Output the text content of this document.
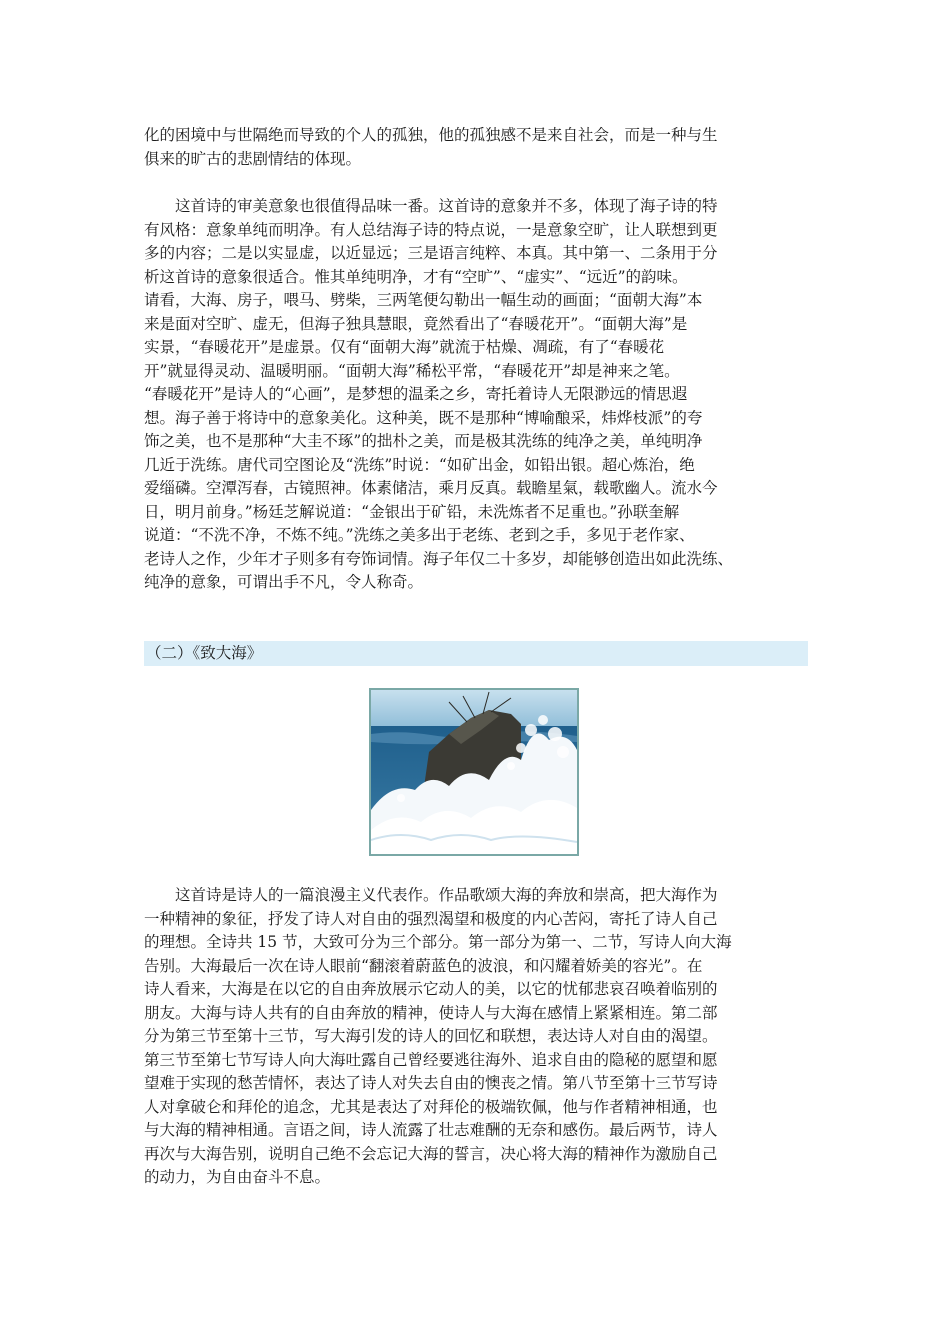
化的困境中与世隔绝而导致的个人的孤独，他的孤独感不是来自社会，而是一种与生
俱来的旷古的悲剧情结的体现。
　　这首诗的审美意象也很值得品味一番。这首诗的意象并不多，体现了海子诗的特
有风格：意象单纯而明净。有人总结海子诗的特点说，一是意象空旷，让人联想到更
多的内容；二是以实显虚，以近显远；三是语言纯粹、本真。其中第一、二条用于分
析这首诗的意象很适合。惟其单纯明净，才有“空旷”、“虚实”、“远近”的韵味。
请看，大海、房子，喂马、劈柴，三两笔便勾勒出一幅生动的画面；“面朝大海”本
来是面对空旷、虚无，但海子独具慧眼，竟然看出了“春暖花开”。“面朝大海”是
实景，“春暖花开”是虚景。仅有“面朝大海”就流于枯燥、凋疏，有了“春暖花
开”就显得灵动、温暖明丽。“面朝大海”稀松平常，“春暖花开”却是神来之笔。
“春暖花开”是诗人的“心画”，是梦想的温柔之乡，寄托着诗人无限渺远的情思遐
想。海子善于将诗中的意象美化。这种美，既不是那种“博喻酿采，炜烨枝派”的夸
饰之美，也不是那种“大圭不琢”的拙朴之美，而是极其洗练的纯净之美，单纯明净
几近于洗练。唐代司空图论及“洗练”时说：“如矿出金，如铅出银。超心炼治，绝
爱缁磷。空潭泻春，古镜照神。体素储洁，乘月反真。载瞻星氣，载歌幽人。流水今
日，明月前身。”杨廷芝解说道：“金银出于矿铅，未洗炼者不足重也。”孙联奎解
说道：“不洗不净，不炼不纯。”洗练之美多出于老练、老到之手，多见于老作家、
老诗人之作，少年才子则多有夸饰词情。海子年仅二十多岁，却能够创造出如此洗练、
纯净的意象，可谓出手不凡，令人称奇。
（二）《致大海》
　　这首诗是诗人的一篇浪漫主义代表作。作品歌颂大海的奔放和崇高，把大海作为
一种精神的象征，抒发了诗人对自由的强烈渴望和极度的内心苦闷，寄托了诗人自己
的理想。全诗共 15 节，大致可分为三个部分。第一部分为第一、二节，写诗人向大海
告别。大海最后一次在诗人眼前“翻滚着蔚蓝色的波浪，和闪耀着娇美的容光”。在
诗人看来，大海是在以它的自由奔放展示它动人的美，以它的忧郁悲哀召唤着临别的
朋友。大海与诗人共有的自由奔放的精神，使诗人与大海在感情上紧紧相连。第二部
分为第三节至第十三节，写大海引发的诗人的回忆和联想，表达诗人对自由的渴望。
第三节至第七节写诗人向大海吐露自己曾经要逃往海外、追求自由的隐秘的愿望和愿
望难于实现的愁苦情怀，表达了诗人对失去自由的懊丧之情。第八节至第十三节写诗
人对拿破仑和拜伦的追念，尤其是表达了对拜伦的极端钦佩，他与作者精神相通，也
与大海的精神相通。言语之间，诗人流露了壮志难酬的无奈和感伤。最后两节，诗人
再次与大海告别，说明自己绝不会忘记大海的誓言，决心将大海的精神作为激励自己
的动力，为自由奋斗不息。
